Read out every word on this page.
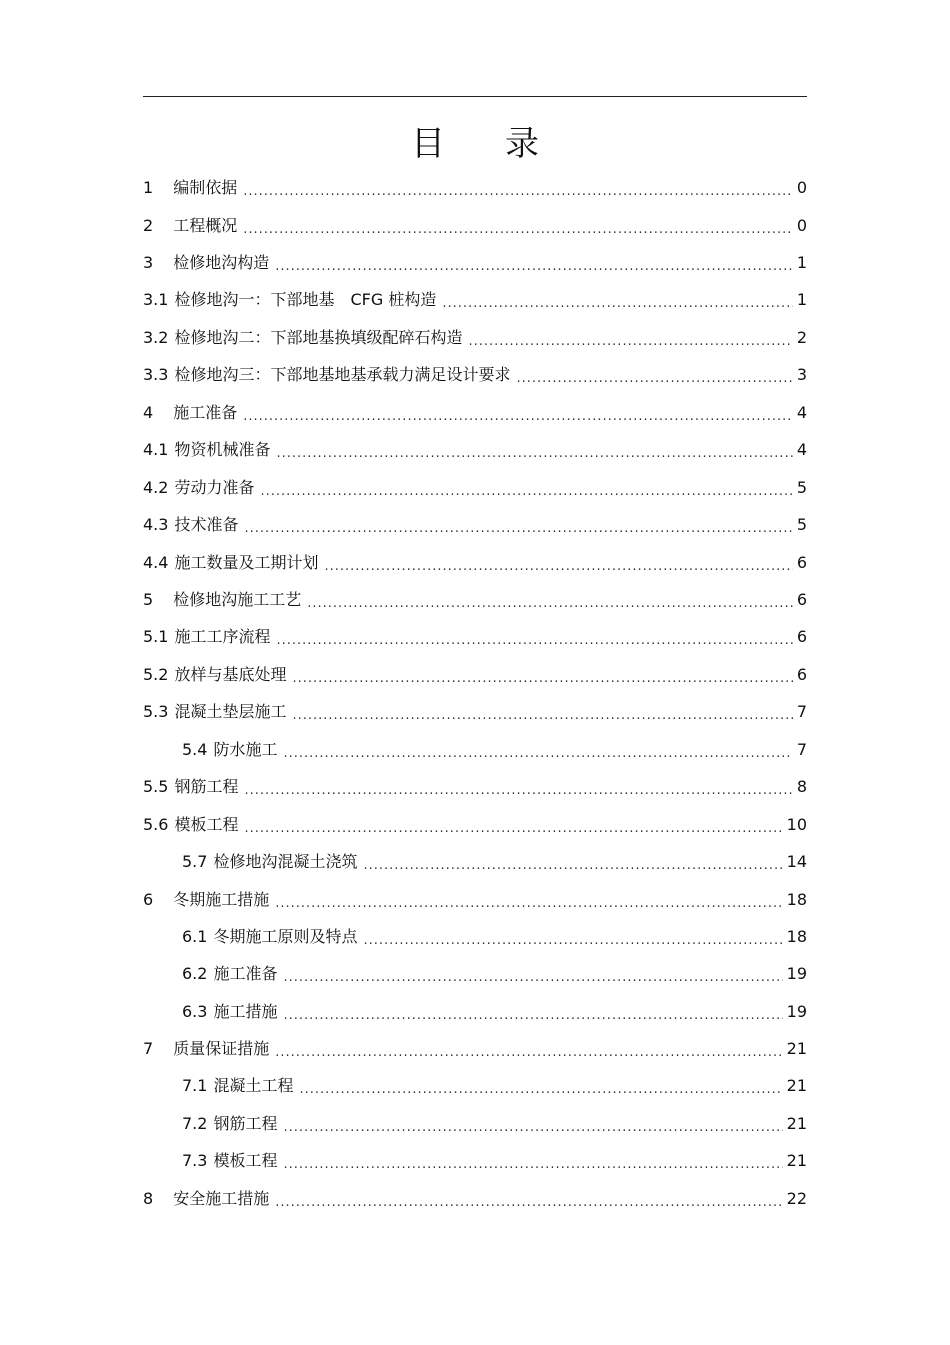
目 录
1 编制依据 .....	0
2 工程概况 .....	0
3 检修地沟构造 .....	1
3.1 检修地沟一：下部地基　CFG 桩构造 .....	1
3.2 检修地沟二：下部地基换填级配碎石构造 .....	2
3.3 检修地沟三：下部地基地基承载力满足设计要求 .....	3
4 施工准备 .....	4
4.1 物资机械准备 .....	4
4.2 劳动力准备 .....	5
4.3 技术准备 .....	5
4.4 施工数量及工期计划 .....	6
5 检修地沟施工工艺 .....	6
5.1 施工工序流程 .....	6
5.2 放样与基底处理 .....	6
5.3 混凝土垫层施工 .....	7
5.4 防水施工 .....	7
5.5 钢筋工程 .....	8
5.6 模板工程 .....	10
5.7 检修地沟混凝土浇筑 .....	14
6 冬期施工措施 .....	18
6.1 冬期施工原则及特点 .....	18
6.2 施工准备 .....	19
6.3 施工措施 .....	19
7 质量保证措施 .....	21
7.1 混凝土工程 .....	21
7.2 钢筋工程 .....	21
7.3 模板工程 .....	21
8 安全施工措施 .....	22
